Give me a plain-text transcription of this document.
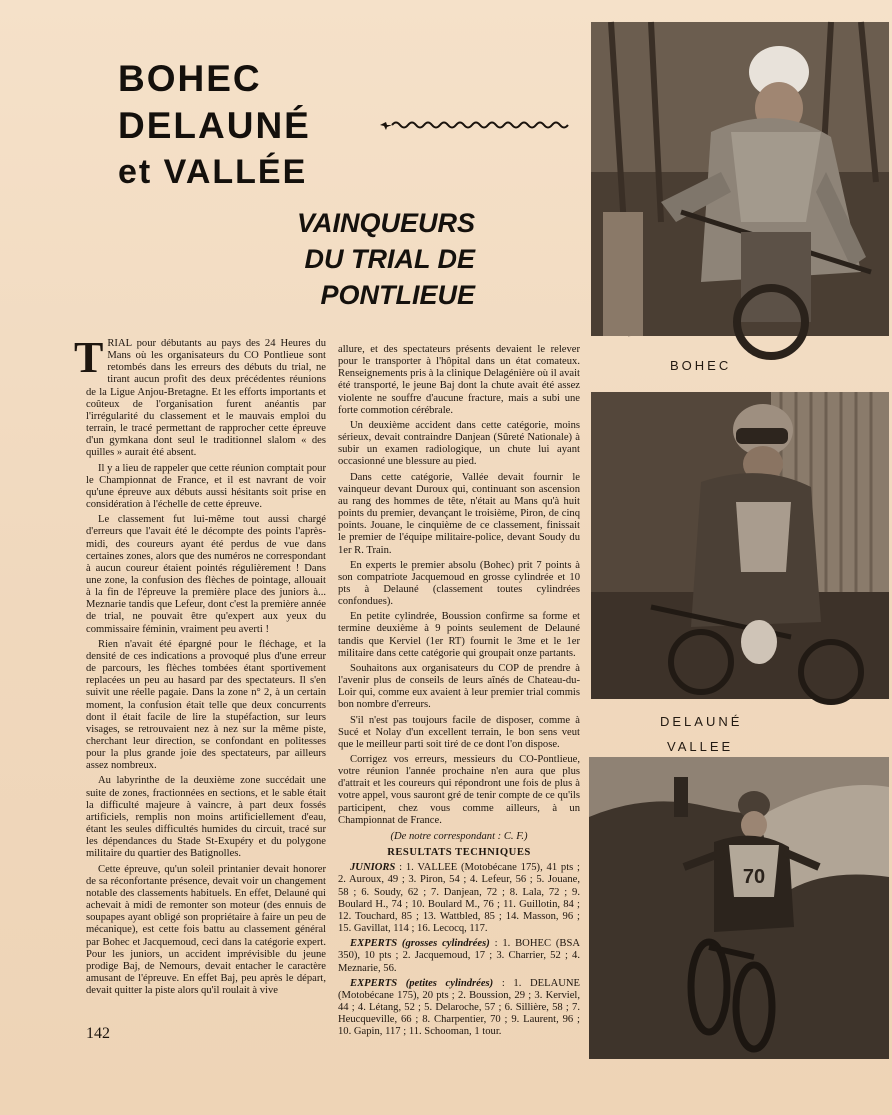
BOHEC
DELAUNÉ
et VALLÉE
VAINQUEURS
DU TRIAL DE
PONTLIEUE

TRIAL pour débutants au pays des 24 Heures du Mans où les organisateurs du CO Pontlieue sont retombés dans les erreurs des débuts du trial, ne tirant aucun profit des deux précédentes réunions de la Ligue Anjou-Bretagne. Et les efforts importants et coûteux de l'organisation furent anéantis par l'irrégularité du classement et le mauvais emploi du terrain, le tracé permettant de rapprocher cette épreuve d'un gymkana dont seul le traditionnel slalom « des quilles » aurait été absent.

Il y a lieu de rappeler que cette réunion comptait pour le Championnat de France, et il est navrant de voir qu'une épreuve aux débuts aussi hésitants soit prise en considération à l'échelle de cette épreuve.

Le classement fut lui-même tout aussi chargé d'erreurs que l'avait été le décompte des points l'après-midi, des coureurs ayant été perdus de vue dans certaines zones, alors que des numéros ne correspondant à aucun coureur étaient pointés régulièrement ! Dans une zone, la confusion des flèches de pointage, allouait à la fin de l'épreuve la première place des juniors à... Meznarie tandis que Lefeur, dont c'est la première année de trial, ne pouvait être qu'expert aux yeux du commissaire féminin, vraiment peu averti !

Rien n'avait été épargné pour le fléchage, et la densité de ces indications a provoqué plus d'une erreur de parcours, les flèches tombées étant sportivement replacées un peu au hasard par des spectateurs. Il s'en suivit une réelle pagaie. Dans la zone n° 2, à un certain moment, la confusion était telle que deux concurrents dont il était facile de lire la stupéfaction, sur leurs visages, se retrouvaient nez à nez sur la même piste, cherchant leur direction, se confondant en politesses pour la plus grande joie des spectateurs, par ailleurs assez nombreux.

Au labyrinthe de la deuxième zone succédait une suite de zones, fractionnées en sections, et le sable était la difficulté majeure à vaincre, à part deux fossés artificiels, remplis non moins artificiellement d'eau, étant les seules difficultés humides du circuit, tracé sur les dépendances du Stade St-Exupéry et du polygone militaire du quartier des Batignolles.

Cette épreuve, qu'un soleil printanier devait honorer de sa réconfortante présence, devait voir un changement notable des classements habituels. En effet, Delauné qui achevait à midi de remonter son moteur (des ennuis de soupapes ayant obligé son propriétaire à faire un peu de mécanique), est cette fois battu au classement général par Bohec et Jacquemoud, ceci dans la catégorie expert. Pour les juniors, un accident imprévisible du jeune prodige Baj, de Nemours, devait entacher le caractère amusant de l'épreuve. En effet Baj, peu après le départ, devait quitter la piste alors qu'il roulait à vive

allure, et des spectateurs présents devaient le relever pour le transporter à l'hôpital dans un état comateux. Renseignements pris à la clinique Delagénière où il avait été transporté, le jeune Baj dont la chute avait été assez violente ne souffre d'aucune fracture, mais a subi une forte commotion cérébrale.

Un deuxième accident dans cette catégorie, moins sérieux, devait contraindre Danjean (Sûreté Nationale) à subir un examen radiologique, un chute lui ayant occasionné une blessure au pied.

Dans cette catégorie, Vallée devait fournir le vainqueur devant Duroux qui, continuant son ascension au rang des hommes de tête, n'était au Mans qu'à huit points du premier, devançant le troisième, Piron, de cinq points. Jouane, le cinquième de ce classement, finissait le premier de l'équipe militaire-police, devant Soudy du 1er R. Train.

En experts le premier absolu (Bohec) prit 7 points à son compatriote Jacquemoud en grosse cylindrée et 10 pts à Delauné (classement toutes cylindrées confondues).

En petite cylindrée, Boussion confirme sa forme et termine deuxième à 9 points seulement de Delauné tandis que Kerviel (1er RT) fournit le 3me et le 1er militaire dans cette catégorie qui groupait onze partants.

Souhaitons aux organisateurs du COP de prendre à l'avenir plus de conseils de leurs aînés de Chateau-du-Loir qui, comme eux avaient à leur premier trial commis bon nombre d'erreurs.

S'il n'est pas toujours facile de disposer, comme à Sucé et Nolay d'un excellent terrain, le bon sens veut que le meilleur parti soit tiré de ce dont l'on dispose.

Corrigez vos erreurs, messieurs du CO-Pontlieue, votre réunion l'année prochaine n'en aura que plus d'attrait et les coureurs qui répondront une fois de plus à votre appel, vous sauront gré de tenir compte de ce qu'ils participent, chez vous comme ailleurs, à un Championnat de France.

(De notre correspondant : C. F.)

RESULTATS TECHNIQUES

JUNIORS : 1. VALLEE (Motobécane 175), 41 pts ; 2. Auroux, 49 ; 3. Piron, 54 ; 4. Lefeur, 56 ; 5. Jouane, 58 ; 6. Soudy, 62 ; 7. Danjean, 72 ; 8. Lala, 72 ; 9. Boulard H., 74 ; 10. Boulard M., 76 ; 11. Guillotin, 84 ; 12. Touchard, 85 ; 13. Wattbled, 85 ; 14. Masson, 96 ; 15. Gavillat, 114 ; 16. Lecocq, 117.

EXPERTS (grosses cylindrées) : 1. BOHEC (BSA 350), 10 pts ; 2. Jacquemoud, 17 ; 3. Charrier, 52 ; 4. Meznarie, 56.

EXPERTS (petites cylindrées) : 1. DELAUNE (Motobécane 175), 20 pts ; 2. Boussion, 29 ; 3. Kerviel, 44 ; 4. Létang, 52 ; 5. Delaroche, 57 ; 6. Sillière, 58 ; 7. Heucqueville, 66 ; 8. Charpentier, 70 ; 9. Laurent, 96 ; 10. Gapin, 117 ; 11. Schooman, 1 tour.

142
BOHEC
DELAUNÉ
VALLEE
70
